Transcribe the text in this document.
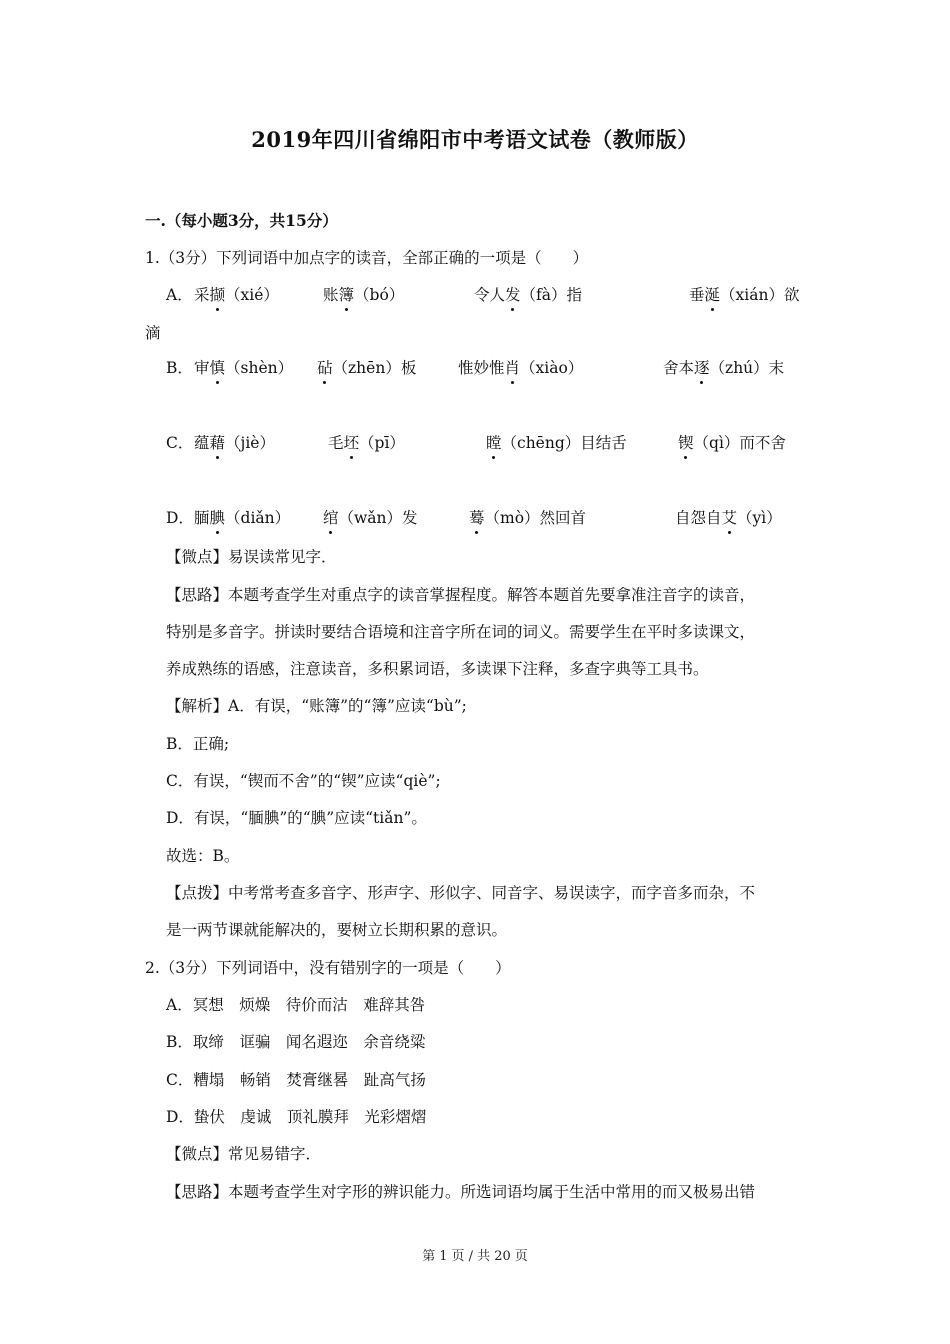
2019年四川省绵阳市中考语文试卷（教师版）
一.（每小题3分，共15分）
1.（3分）下列词语中加点字的读音，全部正确的一项是（　　）
A． 采撷（xié）	账簿（bó）	令人发（fà）指	垂涎（xián）欲
滴
B． 审慎（shèn） 砧（zhēn）板	惟妙惟肖（xiào）	舍本逐（zhú）末
C． 蕴藉（jiè）	毛坯（pī）	瞠（chēng）目结舌	锲（qì）而不舍
D． 腼腆（diǎn） 绾（wǎn）发	蓦（mò）然回首	自怨自艾（yì）
【微点】易误读常见字．
【思路】本题考查学生对重点字的读音掌握程度。解答本题首先要拿准注音字的读音，
特别是多音字。拼读时要结合语境和注音字所在词的词义。需要学生在平时多读课文，
养成熟练的语感，注意读音，多积累词语，多读课下注释，多查字典等工具书。
【解析】A．有误，“账簿”的“簿”应读“bù”;
B．正确;
C．有误，“锲而不舍”的“锲”应读“qiè”;
D．有误，“腼腆”的“腆”应读“tiǎn”。
故选：B。
【点拨】中考常考查多音字、形声字、形似字、同音字、易误读字，而字音多而杂，不
是一两节课就能解决的，要树立长期积累的意识。
2.（3分）下列词语中，没有错别字的一项是（　　）
A．冥想　烦燥　待价而沽　难辞其咎
B．取缔　诓骗　闻名遐迩　余音绕粱
C．糟塌　畅销　焚膏继晷　趾高气扬
D．蛰伏　虔诚　顶礼膜拜　光彩熠熠
【微点】常见易错字．
【思路】本题考查学生对字形的辨识能力。所选词语均属于生活中常用的而又极易出错
第 1 页 / 共 20 页
